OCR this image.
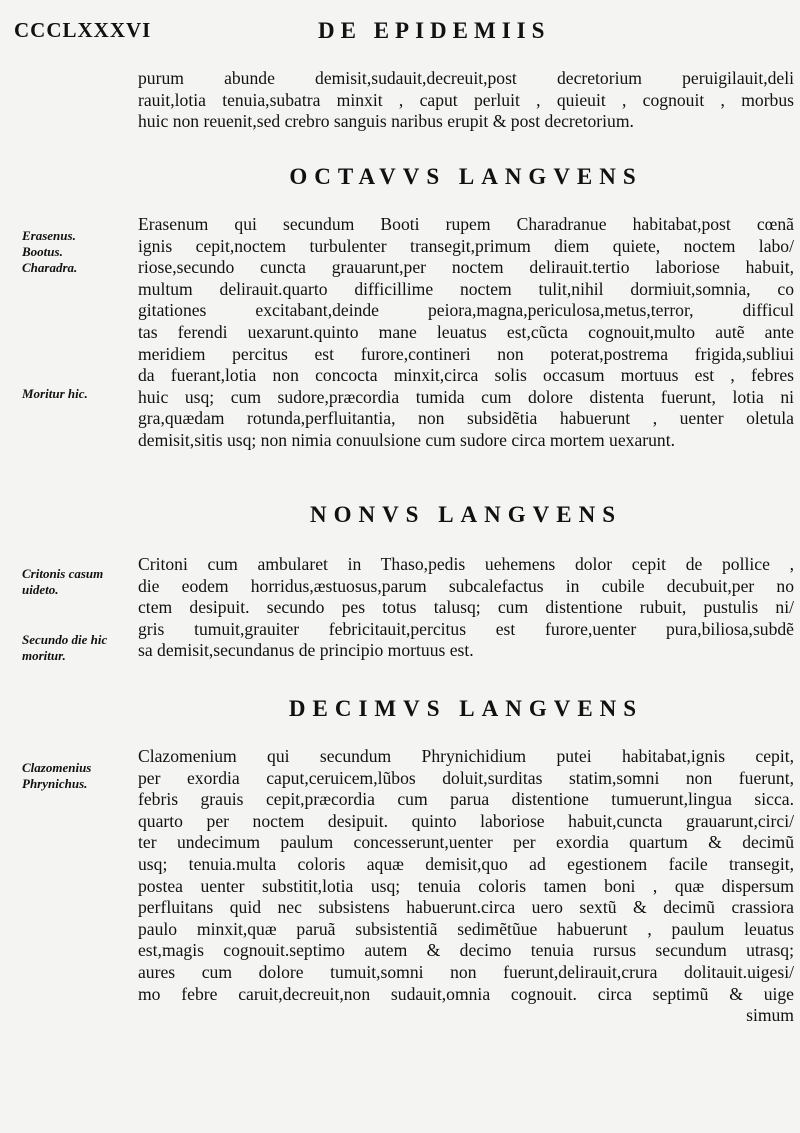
CCCLXXXVI	DE EPIDEMIIS
purum abunde demisit,sudauit,decreuit,post decretorium peruigilauit,deli
rauit,lotia tenuia,subatra minxit , caput perluit , quieuit , cognouit , morbus
huic non reuenit,sed crebro sanguis naribus erupit & post decretorium.
OCTAVVS LANGVENS
Erasenum qui secundum Booti rupem Charadranue habitabat,post cœnã
ignis cepit,noctem turbulenter transegit,primum diem quiete, noctem labo/
riose,secundo cuncta grauarunt,per noctem delirauit.tertio laboriose habuit,
multum delirauit.quarto difficillime noctem tulit,nihil dormiuit,somnia, co
gitationes excitabant,deinde peiora,magna,periculosa,metus,terror, difficul
tas ferendi uexarunt.quinto mane leuatus est,cũcta cognouit,multo autẽ ante
meridiem percitus est furore,contineri non poterat,postrema frigida,subliui
da fuerant,lotia non concocta minxit,circa solis occasum mortuus est , febres
huic usq; cum sudore,præcordia tumida cum dolore distenta fuerunt, lotia ni
gra,quædam rotunda,perfluitantia, non subsidẽtia habuerunt , uenter oletula
demisit,sitis usq; non nimia conuulsione cum sudore circa mortem uexarunt.
NONVS LANGVENS
Critoni cum ambularet in Thaso,pedis uehemens dolor cepit de pollice ,
die eodem horridus,æstuosus,parum subcalefactus in cubile decubuit,per no
ctem desipuit. secundo pes totus talusq; cum distentione rubuit, pustulis ni/
gris tumuit,grauiter febricitauit,percitus est furore,uenter pura,biliosa,subdẽ
sa demisit,secundanus de principio mortuus est.
DECIMVS LANGVENS
Clazomenium qui secundum Phrynichidium putei habitabat,ignis cepit,
per exordia caput,ceruicem,lũbos doluit,surditas statim,somni non fuerunt,
febris grauis cepit,præcordia cum parua distentione tumuerunt,lingua sicca.
quarto per noctem desipuit. quinto laboriose habuit,cuncta grauarunt,circi/
ter undecimum paulum concesserunt,uenter per exordia quartum & decimũ
usq; tenuia.multa coloris aquæ demisit,quo ad egestionem facile transegit,
postea uenter substitit,lotia usq; tenuia coloris tamen boni , quæ dispersum
perfluitans quid nec subsistens habuerunt.circa uero sextũ & decimũ crassiora
paulo minxit,quæ paruã subsistentiã sedimẽtũue habuerunt , paulum leuatus
est,magis cognouit.septimo autem & decimo tenuia rursus secundum utrasq;
aures cum dolore tumuit,somni non fuerunt,delirauit,crura dolitauit.uigesi/
mo febre caruit,decreuit,non sudauit,omnia cognouit. circa septimũ & uige
simum
Erasenus.
Bootus.
Charadra.
Moritur hic.
Critonis casum
uideto.
Secundo die hic
moritur.
Clazomenius
Phrynichus.
